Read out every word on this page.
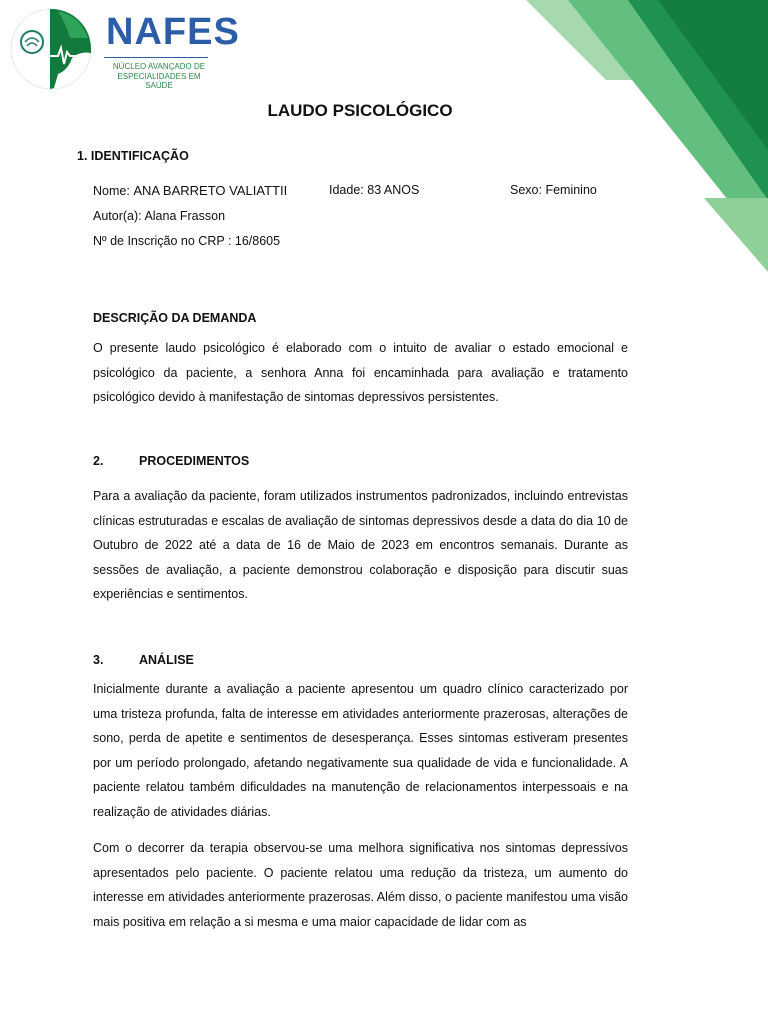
NAFES
NÚCLEO AVANÇADO DE
ESPECIALIDADES EM
SAÚDE
LAUDO PSICOLÓGICO
1. IDENTIFICAÇÃO
Nome: ANA BARRETO VALIATTII	Idade: 83 ANOS	Sexo: Feminino
Autor(a): Alana Frasson
Nº de Inscrição no CRP : 16/8605
DESCRIÇÃO DA DEMANDA

O presente laudo psicológico é elaborado com o intuito de avaliar o estado emocional e psicológico da paciente, a senhora Anna foi encaminhada para avaliação e tratamento psicológico devido à manifestação de sintomas depressivos persistentes.

2.	PROCEDIMENTOS

Para a avaliação da paciente, foram utilizados instrumentos padronizados, incluindo entrevistas clínicas estruturadas e escalas de avaliação de sintomas depressivos desde a data do dia 10 de Outubro de 2022 até a data de 16 de Maio de 2023 em encontros semanais. Durante as sessões de avaliação, a paciente demonstrou colaboração e disposição para discutir suas experiências e sentimentos.

3.	ANÁLISE

Inicialmente durante a avaliação a paciente apresentou um quadro clínico caracterizado por uma tristeza profunda, falta de interesse em atividades anteriormente prazerosas, alterações de sono, perda de apetite e sentimentos de desesperança. Esses sintomas estiveram presentes por um período prolongado, afetando negativamente sua qualidade de vida e funcionalidade. A paciente relatou também dificuldades na manutenção de relacionamentos interpessoais e na realização de atividades diárias.

Com o decorrer da terapia observou-se uma melhora significativa nos sintomas depressivos apresentados pelo paciente. O paciente relatou uma redução da tristeza, um aumento do interesse em atividades anteriormente prazerosas. Além disso, o paciente manifestou uma visão mais positiva em relação a si mesma e uma maior capacidade de lidar com as
